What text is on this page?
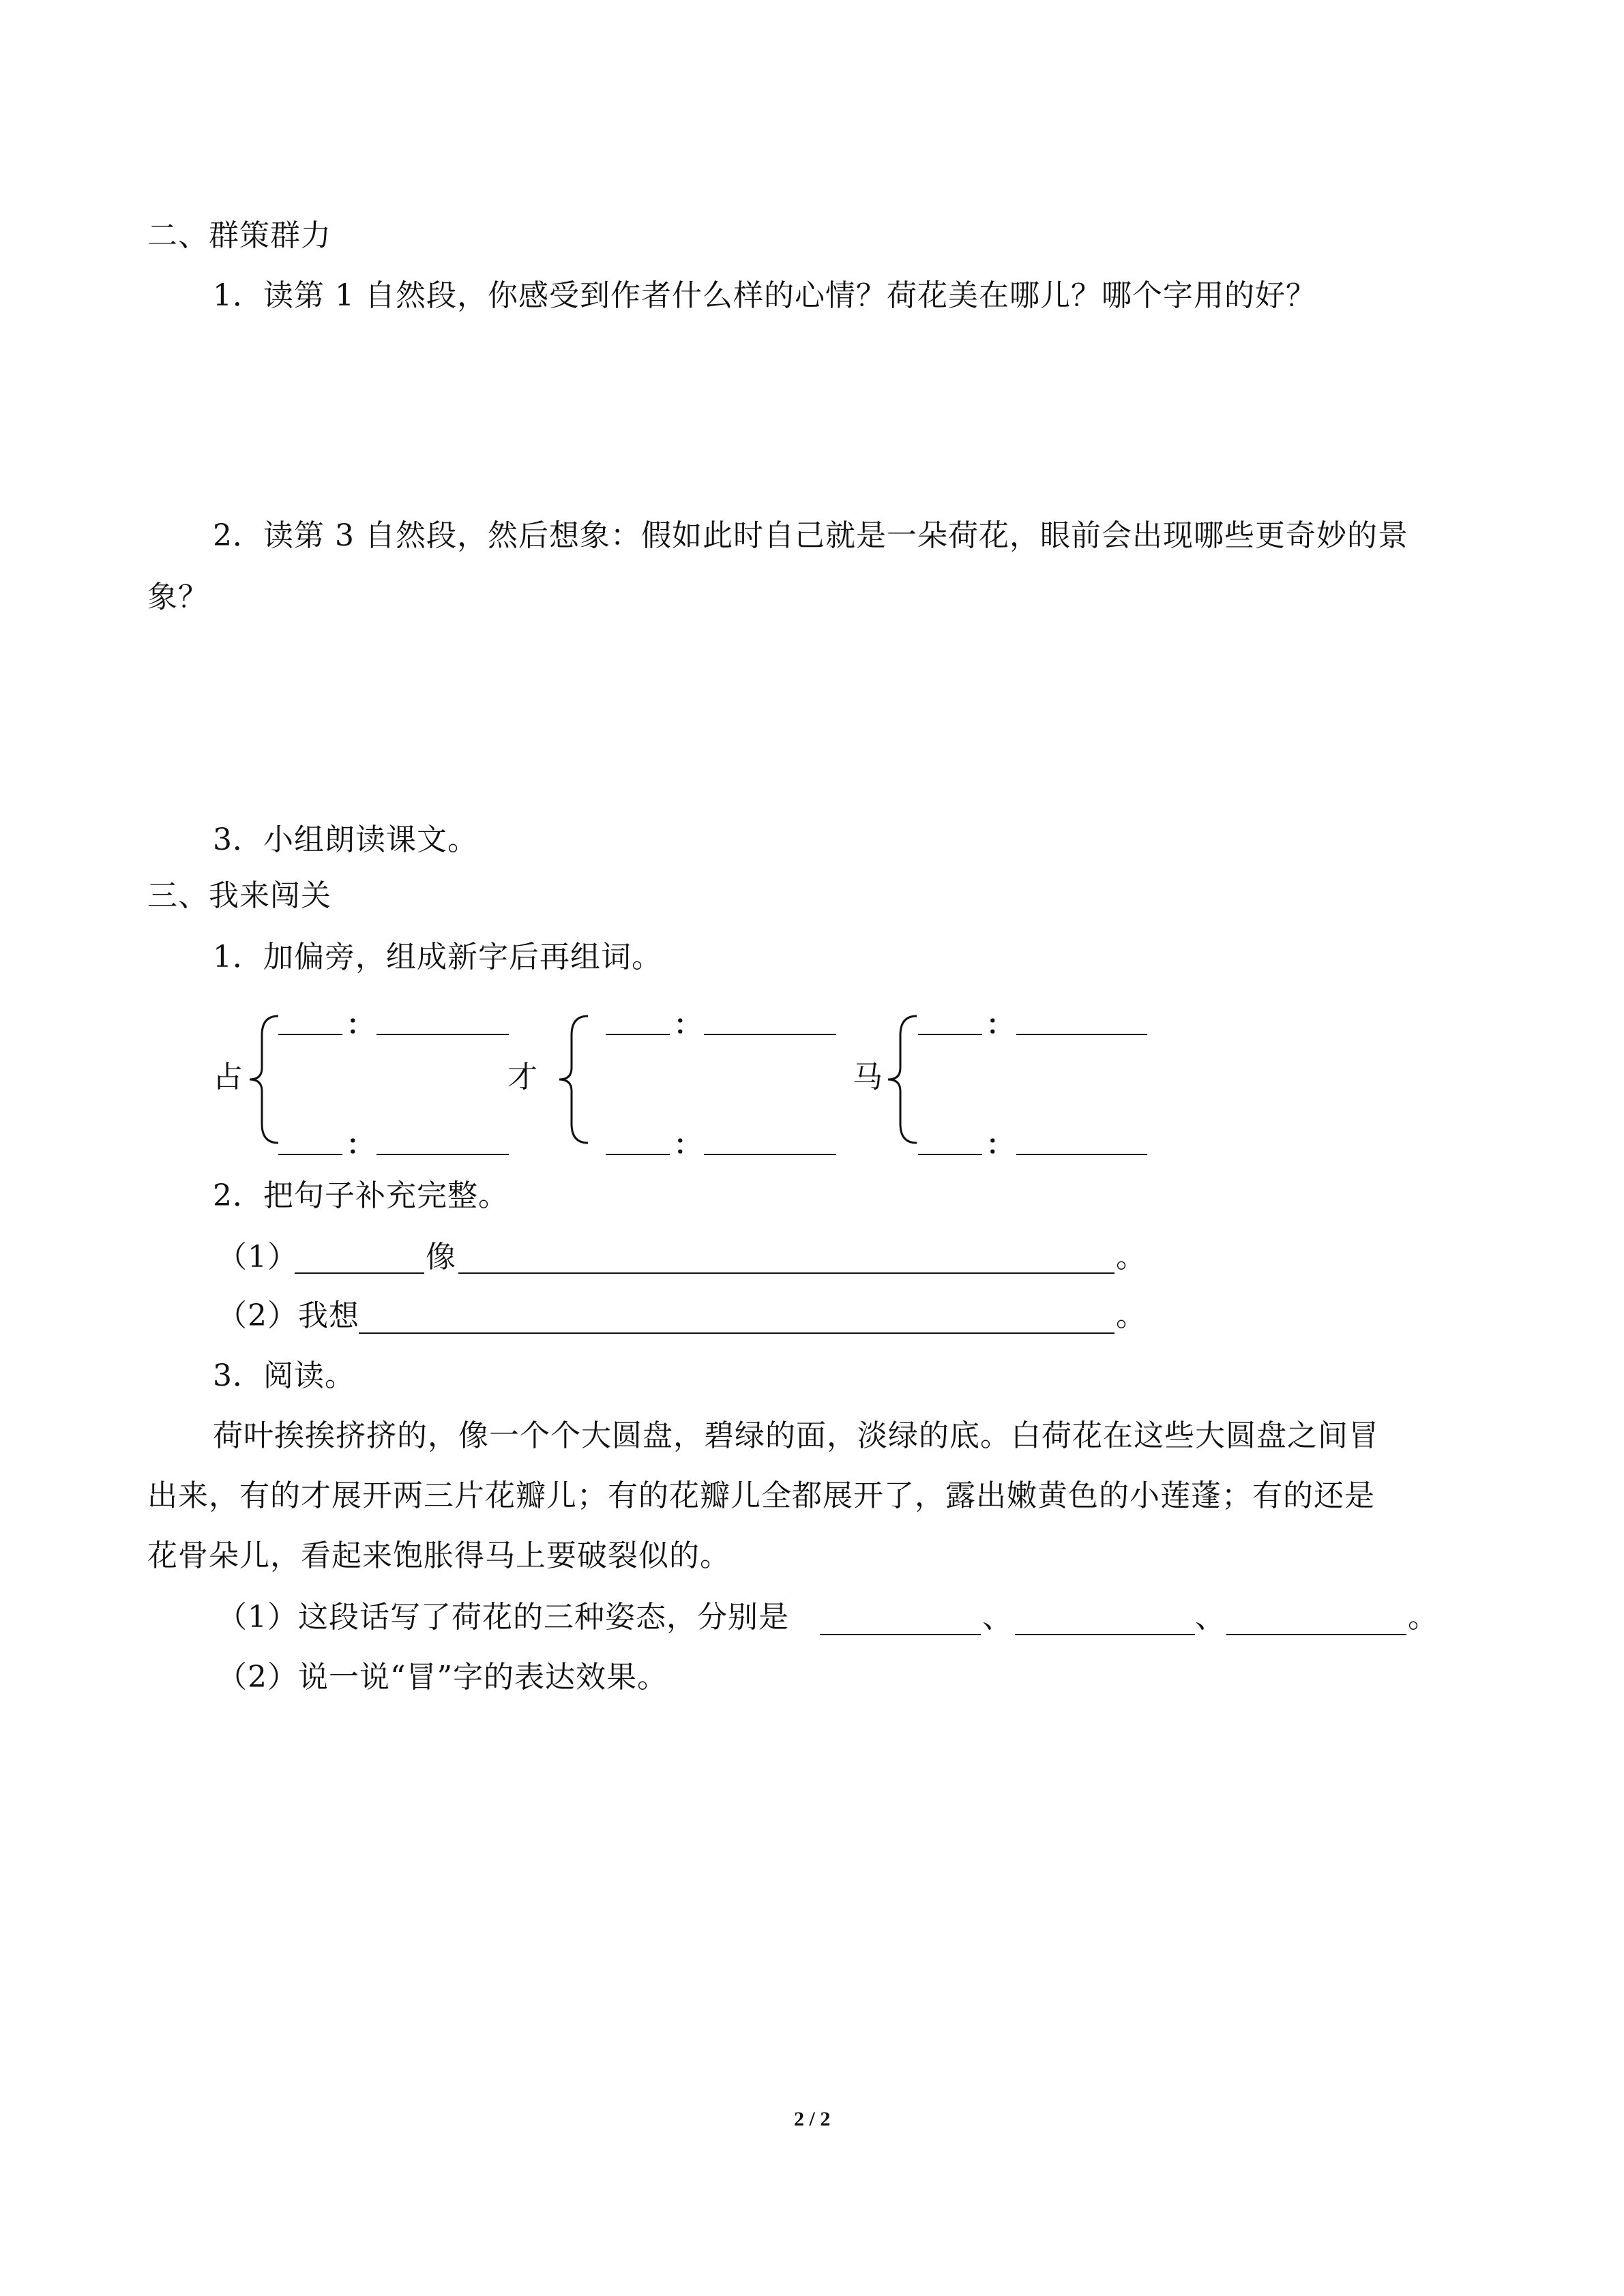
二、群策群力
1．读第 1 自然段，你感受到作者什么样的心情？荷花美在哪儿？哪个字用的好？
2．读第 3 自然段，然后想象：假如此时自己就是一朵荷花，眼前会出现哪些更奇妙的景
象？
3．小组朗读课文。
三、我来闯关
1．加偏旁，组成新字后再组词。
占
：
：
才
：
：
马
：
：
2．把句子补充完整。
（1）	像	。
（2）我想	。
3．阅读。
荷叶挨挨挤挤的，像一个个大圆盘，碧绿的面，淡绿的底。白荷花在这些大圆盘之间冒
出来，有的才展开两三片花瓣儿；有的花瓣儿全都展开了，露出嫩黄色的小莲蓬；有的还是
花骨朵儿，看起来饱胀得马上要破裂似的。
（1）这段话写了荷花的三种姿态，分别是	、	、	。
（2）说一说“冒”字的表达效果。
2 / 2
